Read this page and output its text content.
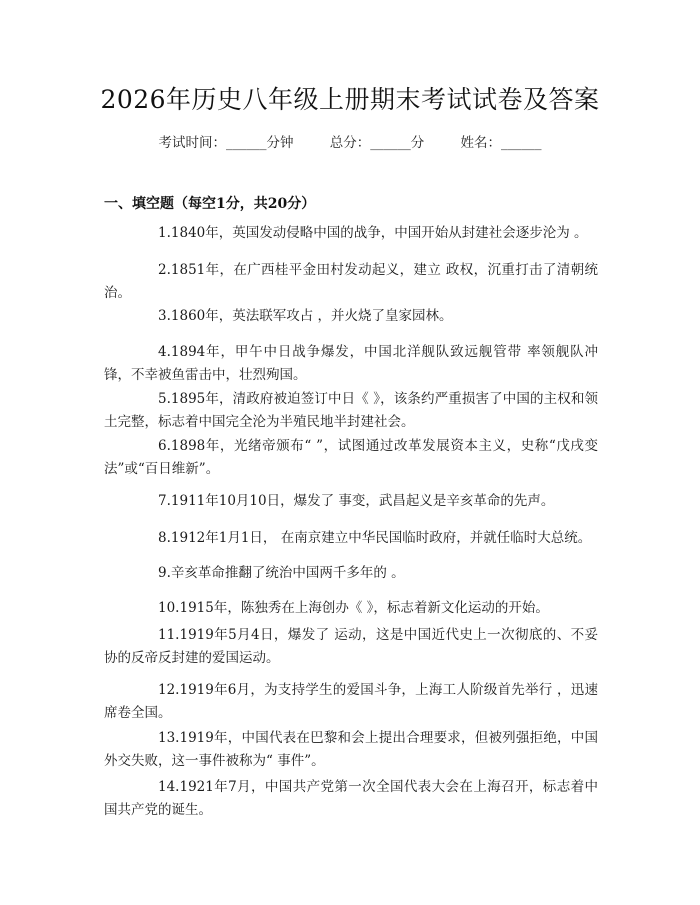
2026年历史八年级上册期末考试试卷及答案
考试时间：______分钟	总分：______分	姓名：______
一、填空题（每空1分，共20分）
1.1840年，英国发动侵略中国的战争，中国开始从封建社会逐步沦为 。
2.1851年，在广西桂平金田村发动起义，建立 政权，沉重打击了清朝统治。
3.1860年，英法联军攻占 ，并火烧了皇家园林。
4.1894年，甲午中日战争爆发，中国北洋舰队致远舰管带 率领舰队冲锋，不幸被鱼雷击中，壮烈殉国。
5.1895年，清政府被迫签订中日《 》，该条约严重损害了中国的主权和领土完整，标志着中国完全沦为半殖民地半封建社会。
6.1898年，光绪帝颁布“ ”，试图通过改革发展资本主义，史称“戊戌变法”或“百日维新”。
7.1911年10月10日，爆发了 事变，武昌起义是辛亥革命的先声。
8.1912年1月1日， 在南京建立中华民国临时政府，并就任临时大总统。
9.辛亥革命推翻了统治中国两千多年的 。
10.1915年，陈独秀在上海创办《 》，标志着新文化运动的开始。
11.1919年5月4日，爆发了 运动，这是中国近代史上一次彻底的、不妥协的反帝反封建的爱国运动。
12.1919年6月，为支持学生的爱国斗争，上海工人阶级首先举行 ，迅速席卷全国。
13.1919年，中国代表在巴黎和会上提出合理要求，但被列强拒绝，中国外交失败，这一事件被称为“ 事件”。
14.1921年7月，中国共产党第一次全国代表大会在上海召开，标志着中国共产党的诞生。
